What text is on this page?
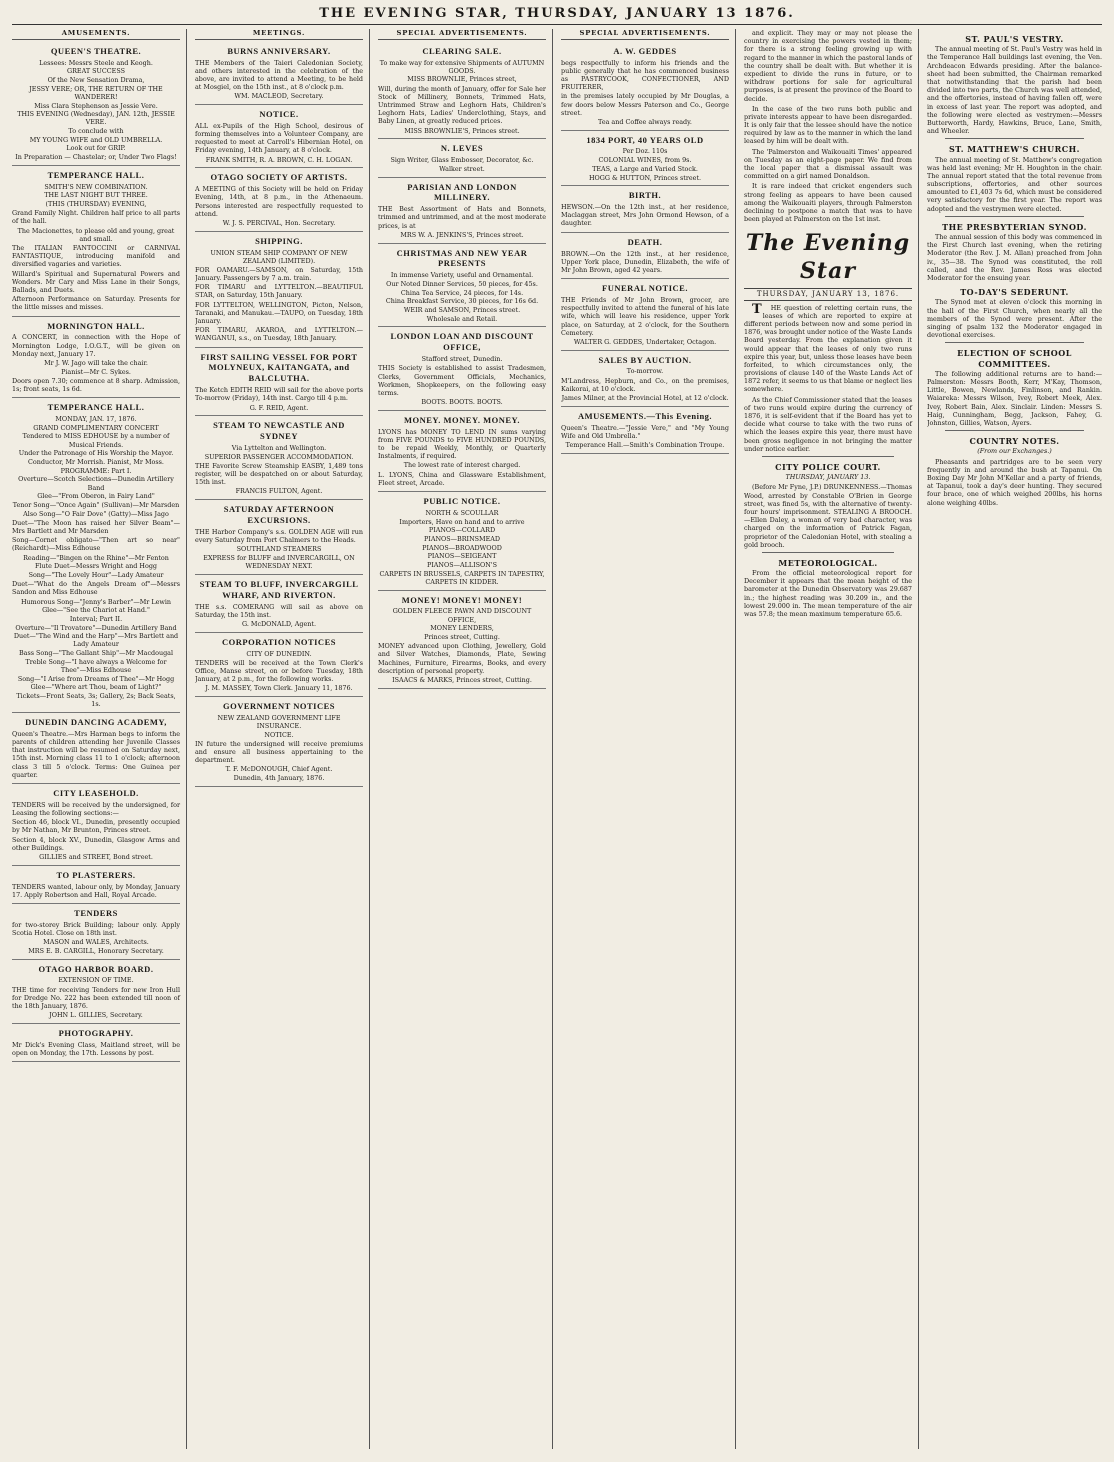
THE EVENING STAR, THURSDAY, JANUARY 13 1876.
AMUSEMENTS.
QUEEN'S THEATRE.
Lessees: Messrs Steele and Keogh.
GREAT SUCCESS
Of the New Sensation Drama,
JESSY VERE; OR, THE RETURN OF THE WANDERER!
Miss Clara Stephenson as Jessie Vere.
THIS EVENING (Wednesday), JAN. 12th, JESSIE VERE.
To conclude with
MY YOUNG WIFE and OLD UMBRELLA.
Look out for GRIP.
In Preparation — Chastelar; or, Under Two Flags!
TEMPERANCE HALL.
SMITH'S NEW COMBINATION.
THE LAST NIGHT BUT THREE.
(THIS (THURSDAY) EVENING,
Grand Family Night. Children half price to all parts of the hall.
The Macionettes, to please old and young, great and small.
The ITALIAN FANTOCCINI or CARNIVAL FANTASTIQUE, introducing manifold and diversified vagaries and varieties.
Willard's Spiritual and Supernatural Powers and Wonders. Mr Cary and Miss Lane in their Songs, Ballads, and Duets.
Afternoon Performance on Saturday. Presents for the little misses and misses.
MORNINGTON HALL.
A CONCERT, in connection with the Hope of Mornington Lodge, I.O.G.T., will be given on Monday next, January 17.
Mr J. W. Jago will take the chair.
Pianist—Mr C. Sykes.
Doors open 7.30; commence at 8 sharp. Admission, 1s; front seats, 1s 6d.
TEMPERANCE HALL.
MONDAY, JAN. 17, 1876.
GRAND COMPLIMENTARY CONCERT
Tendered to MISS EDHOUSE by a number of Musical Friends.
Under the Patronage of His Worship the Mayor.
Conductor, Mr Morrish. Pianist, Mr Moss.
PROGRAMME: Part I.
Overture—Scotch Selections—Dunedin Artillery Band
Glee—"From Oberon, in Fairy Land"
Tenor Song—"Once Again" (Sullivan)—Mr Marsden
Also Song—"O Fair Dove" (Gatty)—Miss Jago
Duet—"The Moon has raised her Silver Beam"—Mrs Bartlett and Mr Marsden
Song—Cornet obligato—"Then art so near" (Reichardt)—Miss Edhouse
Reading—"Bingen on the Rhine"—Mr Fenton
Flute Duet—Messrs Wright and Hogg
Song—"The Lovely Hour"—Lady Amateur
Duet—"What do the Angels Dream of"—Messrs Sandon and Miss Edhouse
Humorous Song—"Jenny's Barber"—Mr Lewin
Glee—"See the Chariot at Hand."
Interval; Part II.
Overture—"Il Trovatore"—Dunedin Artillery Band
Duet—"The Wind and the Harp"—Mrs Bartlett and Lady Amateur
Bass Song—"The Gallant Ship"—Mr Macdougal
Treble Song—"I have always a Welcome for Thee"—Miss Edhouse
Song—"I Arise from Dreams of Thee"—Mr Hogg
Glee—"Where art Thou, beam of Light?"
Tickets—Front Seats, 3s; Gallery, 2s; Back Seats, 1s.
DUNEDIN DANCING ACADEMY,
Queen's Theatre.—Mrs Harman begs to inform the parents of children attending her Juvenile Classes that instruction will be resumed on Saturday next, 15th inst. Morning class 11 to 1 o'clock; afternoon class 3 till 5 o'clock. Terms: One Guinea per quarter.
CITY LEASEHOLD.
TENDERS will be received by the undersigned, for Leasing the following sections:—
Section 46, block VI., Dunedin, presently occupied by Mr Nathan, Mr Brunton, Princes street.
Section 4, block XV., Dunedin, Glasgow Arms and other Buildings.
GILLIES and STREET, Bond street.
TO PLASTERERS.
TENDERS wanted, labour only, by Monday, January 17. Apply Robertson and Hall, Royal Arcade.
TENDERS
for two-storey Brick Building; labour only. Apply Scotia Hotel. Close on 18th inst.
MASON and WALES, Architects.
MRS E. B. CARGILL, Honorary Secretary.
OTAGO HARBOR BOARD.
EXTENSION OF TIME.
THE time for receiving Tenders for new Iron Hull for Dredge No. 222 has been extended till noon of the 18th January, 1876.
JOHN L. GILLIES, Secretary.
PHOTOGRAPHY.
Mr Dick's Evening Class, Maitland street, will be open on Monday, the 17th. Lessons by post.
MEETINGS.
BURNS ANNIVERSARY.
THE Members of the Taieri Caledonian Society, and others interested in the celebration of the above, are invited to attend a Meeting, to be held at Mosgiel, on the 15th inst., at 8 o'clock p.m.
WM. MACLEOD, Secretary.
NOTICE.
ALL ex-Pupils of the High School, desirous of forming themselves into a Volunteer Company, are requested to meet at Carroll's Hibernian Hotel, on Friday evening, 14th January, at 8 o'clock.
FRANK SMITH, R. A. BROWN, C. H. LOGAN.
OTAGO SOCIETY OF ARTISTS.
A MEETING of this Society will be held on Friday Evening, 14th, at 8 p.m., in the Athenaeum. Persons interested are respectfully requested to attend.
W. J. S. PERCIVAL, Hon. Secretary.
SHIPPING.
UNION STEAM SHIP COMPANY OF NEW ZEALAND (LIMITED).
FOR OAMARU.—SAMSON, on Saturday, 15th January. Passengers by 7 a.m. train.
FOR TIMARU and LYTTELTON.—BEAUTIFUL STAR, on Saturday, 15th January.
FOR LYTTELTON, WELLINGTON, Picton, Nelson, Taranaki, and Manukau.—TAUPO, on Tuesday, 18th January.
FOR TIMARU, AKAROA, and LYTTELTON.—WANGANUI, s.s., on Tuesday, 18th January.
FIRST SAILING VESSEL FOR PORT MOLYNEUX, KAITANGATA, and BALCLUTHA.
The Ketch EDITH REID will sail for the above ports To-morrow (Friday), 14th inst. Cargo till 4 p.m.
G. F. REID, Agent.
STEAM TO NEWCASTLE AND SYDNEY
Via Lyttelton and Wellington.
SUPERIOR PASSENGER ACCOMMODATION.
THE Favorite Screw Steamship EASBY, 1,489 tons register, will be despatched on or about Saturday, 15th inst.
FRANCIS FULTON, Agent.
SATURDAY AFTERNOON EXCURSIONS.
THE Harbor Company's s.s. GOLDEN AGE will run every Saturday from Port Chalmers to the Heads.
SOUTHLAND STEAMERS
EXPRESS for BLUFF and INVERCARGILL, ON WEDNESDAY NEXT.
STEAM TO BLUFF, INVERCARGILL WHARF, AND RIVERTON.
THE s.s. COMERANG will sail as above on Saturday, the 15th inst.
G. McDONALD, Agent.
CORPORATION NOTICES
CITY OF DUNEDIN.
TENDERS will be received at the Town Clerk's Office, Manse street, on or before Tuesday, 18th January, at 2 p.m., for the following works.
J. M. MASSEY, Town Clerk. January 11, 1876.
GOVERNMENT NOTICES
NEW ZEALAND GOVERNMENT LIFE INSURANCE.
NOTICE.
IN future the undersigned will receive premiums and ensure all business appertaining to the department.
T. F. McDONOUGH, Chief Agent.
Dunedin, 4th January, 1876.
SPECIAL ADVERTISEMENTS.
CLEARING SALE.
To make way for extensive Shipments of AUTUMN GOODS.
MISS BROWNLIE, Princes street,
Will, during the month of January, offer for Sale her Stock of Millinery, Bonnets, Trimmed Hats, Untrimmed Straw and Leghorn Hats, Children's Leghorn Hats, Ladies' Underclothing, Stays, and Baby Linen, at greatly reduced prices.
MISS BROWNLIE'S, Princes street.
N. LEVES
Sign Writer, Glass Embosser, Decorator, &c.
Walker street.
PARISIAN AND LONDON MILLINERY.
THE Best Assortment of Hats and Bonnets, trimmed and untrimmed, and at the most moderate prices, is at
MRS W. A. JENKINS'S, Princes street.
CHRISTMAS AND NEW YEAR PRESENTS
In immense Variety, useful and Ornamental.
Our Noted Dinner Services, 50 pieces, for 45s.
China Tea Service, 24 pieces, for 14s.
China Breakfast Service, 30 pieces, for 16s 6d.
WEIR and SAMSON, Princes street.
Wholesale and Retail.
LONDON LOAN AND DISCOUNT OFFICE,
Stafford street, Dunedin.
THIS Society is established to assist Tradesmen, Clerks, Government Officials, Mechanics, Workmen, Shopkeepers, on the following easy terms.
BOOTS. BOOTS. BOOTS.
MONEY. MONEY. MONEY.
LYONS has MONEY TO LEND IN sums varying from FIVE POUNDS to FIVE HUNDRED POUNDS, to be repaid Weekly, Monthly, or Quarterly Instalments, if required.
The lowest rate of interest charged.
L. LYONS, China and Glassware Establishment, Fleet street, Arcade.
PUBLIC NOTICE.
NORTH & SCOULLAR
Importers, Have on hand and to arrive
PIANOS—COLLARD
PIANOS—BRINSMEAD
PIANOS—BROADWOOD
PIANOS—SEIGEANT
PIANOS—ALLISON'S
CARPETS IN BRUSSELS, CARPETS IN TAPESTRY, CARPETS IN KIDDER.
MONEY! MONEY! MONEY!
GOLDEN FLEECE PAWN AND DISCOUNT OFFICE,
MONEY LENDERS,
Princes street, Cutting.
MONEY advanced upon Clothing, Jewellery, Gold and Silver Watches, Diamonds, Plate, Sewing Machines, Furniture, Firearms, Books, and every description of personal property.
ISAACS & MARKS, Princes street, Cutting.
SPECIAL ADVERTISEMENTS.
A. W. GEDDES
begs respectfully to inform his friends and the public generally that he has commenced business as PASTRYCOOK, CONFECTIONER, AND FRUITERER,
in the premises lately occupied by Mr Douglas, a few doors below Messrs Paterson and Co., George street.
Tea and Coffee always ready.
1834 PORT, 40 YEARS OLD
Per Doz. 110s
COLONIAL WINES, from 9s.
TEAS, a Large and Varied Stock.
HOGG & HUTTON, Princes street.
BIRTH.
HEWSON.—On the 12th inst., at her residence, Maclaggan street, Mrs John Ormond Hewson, of a daughter.
DEATH.
BROWN.—On the 12th inst., at her residence, Upper York place, Dunedin, Elizabeth, the wife of Mr John Brown, aged 42 years.
FUNERAL NOTICE.
THE Friends of Mr John Brown, grocer, are respectfully invited to attend the funeral of his late wife, which will leave his residence, upper York place, on Saturday, at 2 o'clock, for the Southern Cemetery.
WALTER G. GEDDES, Undertaker, Octagon.
SALES BY AUCTION.
To-morrow.
M'Landress, Hepburn, and Co., on the premises, Kaikorai, at 10 o'clock.
James Milner, at the Provincial Hotel, at 12 o'clock.
AMUSEMENTS.—This Evening.
Queen's Theatre.—"Jessie Vere," and "My Young Wife and Old Umbrella."
Temperance Hall.—Smith's Combination Troupe.

and explicit. They may or may not please the country in exercising the powers vested in them; for there is a strong feeling growing up with regard to the manner in which the pastoral lands of the country shall be dealt with. But whether it is expedient to divide the runs in future, or to withdraw portions for sale for agricultural purposes, is at present the province of the Board to decide.

In the case of the two runs both public and private interests appear to have been disregarded. It is only fair that the lessee should have the notice required by law as to the manner in which the land leased by him will be dealt with.

The 'Palmerston and Waikouaiti Times' appeared on Tuesday as an eight-page paper. We find from the local paper that a dismissal assault was committed on a girl named Donaldson.

It is rare indeed that cricket engenders such strong feeling as appears to have been caused among the Waikouaiti players, through Palmerston declining to postpone a match that was to have been played at Palmerston on the 1st inst.

The Evening Star
THURSDAY, JANUARY 13, 1876.

THE question of reletting certain runs, the leases of which are reported to expire at different periods between now and some period in 1876, was brought under notice of the Waste Lands Board yesterday. From the explanation given it would appear that the leases of only two runs expire this year, but, unless those leases have been forfeited, to which circumstances only, the provisions of clause 140 of the Waste Lands Act of 1872 refer, it seems to us that blame or neglect lies somewhere.

As the Chief Commissioner stated that the leases of two runs would expire during the currency of 1876, it is self-evident that if the Board has yet to decide what course to take with the two runs of which the leases expire this year, there must have been gross negligence in not bringing the matter under notice earlier.

CITY POLICE COURT.
THURSDAY, JANUARY 13.

(Before Mr Fyne, J.P.) DRUNKENNESS.—Thomas Wood, arrested by Constable O'Brien in George street, was fined 5s, with the alternative of twenty-four hours' imprisonment. STEALING A BROOCH.—Ellen Daley, a woman of very bad character, was charged on the information of Patrick Fagan, proprietor of the Caledonian Hotel, with stealing a gold brooch.

METEOROLOGICAL.

From the official meteorological report for December it appears that the mean height of the barometer at the Dunedin Observatory was 29.687 in.; the highest reading was 30.209 in., and the lowest 29.000 in. The mean temperature of the air was 57.8; the mean maximum temperature 65.6.

ST. PAUL'S VESTRY.

The annual meeting of St. Paul's Vestry was held in the Temperance Hall buildings last evening, the Ven. Archdeacon Edwards presiding. After the balance-sheet had been submitted, the Chairman remarked that notwithstanding that the parish had been divided into two parts, the Church was well attended, and the offertories, instead of having fallen off, were in excess of last year. The report was adopted, and the following were elected as vestrymen:—Messrs Butterworth, Hardy, Hawkins, Bruce, Lane, Smith, and Wheeler.

ST. MATTHEW'S CHURCH.

The annual meeting of St. Matthew's congregation was held last evening; Mr H. Houghton in the chair. The annual report stated that the total revenue from subscriptions, offertories, and other sources amounted to £1,403 7s 6d, which must be considered very satisfactory for the first year. The report was adopted and the vestrymen were elected.

THE PRESBYTERIAN SYNOD.

The annual session of this body was commenced in the First Church last evening, when the retiring Moderator (the Rev. J. M. Allan) preached from John iv., 35—38. The Synod was constituted, the roll called, and the Rev. James Ross was elected Moderator for the ensuing year.

TO-DAY'S SEDERUNT.

The Synod met at eleven o'clock this morning in the hall of the First Church, when nearly all the members of the Synod were present. After the singing of psalm 132 the Moderator engaged in devotional exercises.

ELECTION OF SCHOOL COMMITTEES.

The following additional returns are to hand:—Palmerston: Messrs Booth, Kerr, M'Kay, Thomson, Little, Bowen, Newlands, Finlinson, and Rankin. Waiareka: Messrs Wilson, Ivey, Robert Meek, Alex. Ivey, Robert Bain, Alex. Sinclair. Linden: Messrs S. Haig, Cunningham, Begg, Jackson, Fahey, G. Johnston, Gillies, Watson, Ayers.

COUNTRY NOTES.
(From our Exchanges.)

Pheasants and partridges are to be seen very frequently in and around the bush at Tapanui. On Boxing Day Mr John M'Kellar and a party of friends, at Tapanui, took a day's deer hunting. They secured four brace, one of which weighed 200lbs, his horns alone weighing 40lbs.
